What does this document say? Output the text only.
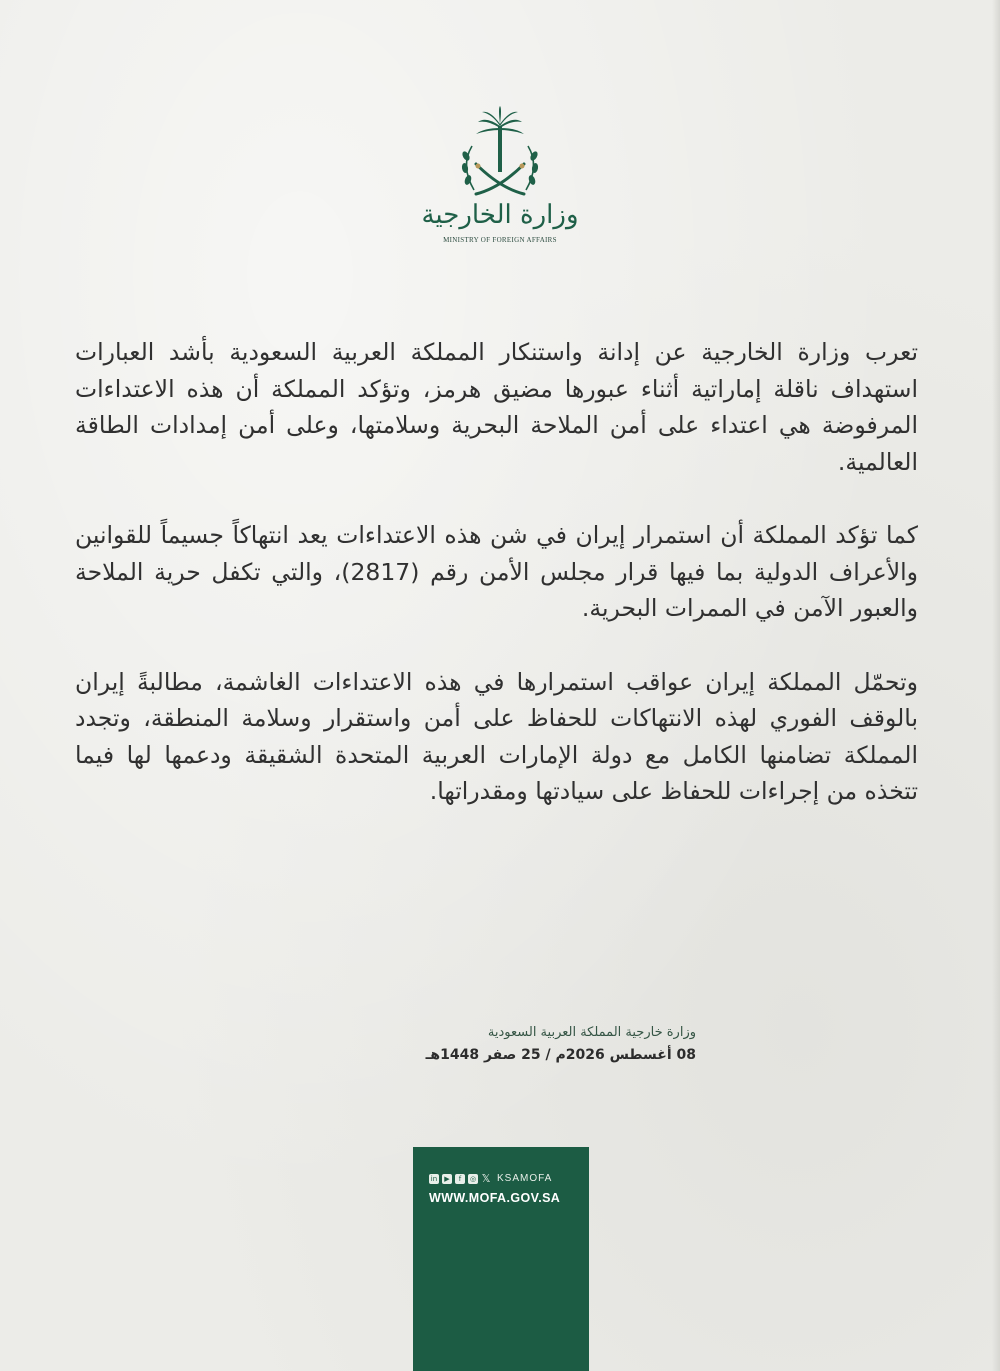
وزارة الخارجية
MINISTRY OF FOREIGN AFFAIRS

تعرب وزارة الخارجية عن إدانة واستنكار المملكة العربية السعودية بأشد العبارات استهداف ناقلة إماراتية أثناء عبورها مضيق هرمز، وتؤكد المملكة أن هذه الاعتداءات المرفوضة هي اعتداء على أمن الملاحة البحرية وسلامتها، وعلى أمن إمدادات الطاقة العالمية.

كما تؤكد المملكة أن استمرار إيران في شن هذه الاعتداءات يعد انتهاكاً جسيماً للقوانين والأعراف الدولية بما فيها قرار مجلس الأمن رقم (2817)، والتي تكفل حرية الملاحة والعبور الآمن في الممرات البحرية.

وتحمّل المملكة إيران عواقب استمرارها في هذه الاعتداءات الغاشمة، مطالبةً إيران بالوقف الفوري لهذه الانتهاكات للحفاظ على أمن واستقرار وسلامة المنطقة، وتجدد المملكة تضامنها الكامل مع دولة الإمارات العربية المتحدة الشقيقة ودعمها لها فيما تتخذه من إجراءات للحفاظ على سيادتها ومقدراتها.

وزارة خارجية المملكة العربية السعودية
08 أغسطس 2026م / 25 صفر 1448هـ
in	▶	f	◎ 𝕏 KSAMOFA
WWW.MOFA.GOV.SA
